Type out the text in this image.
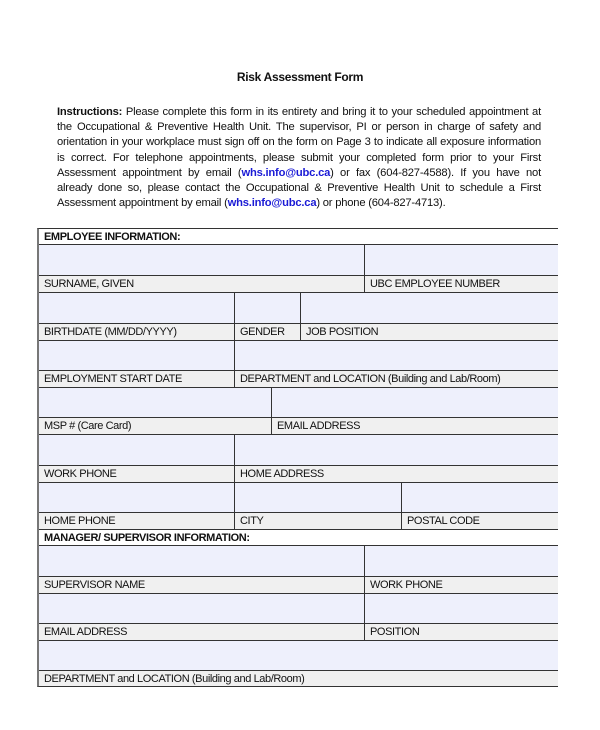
Risk Assessment Form
Instructions: Please complete this form in its entirety and bring it to your scheduled appointment at the Occupational & Preventive Health Unit. The supervisor, PI or person in charge of safety and orientation in your workplace must sign off on the form on Page 3 to indicate all exposure information is correct. For telephone appointments, please submit your completed form prior to your First Assessment appointment by email (whs.info@ubc.ca) or fax (604-827-4588). If you have not already done so, please contact the Occupational & Preventive Health Unit to schedule a First Assessment appointment by email (whs.info@ubc.ca) or phone (604-827-4713).
EMPLOYEE INFORMATION:
SURNAME, GIVEN	UBC EMPLOYEE NUMBER
BIRTHDATE (MM/DD/YYYY)	GENDER	JOB POSITION
EMPLOYMENT START DATE	DEPARTMENT and LOCATION (Building and Lab/Room)
MSP # (Care Card)	EMAIL ADDRESS
WORK PHONE	HOME ADDRESS
HOME PHONE	CITY	POSTAL CODE
MANAGER/ SUPERVISOR INFORMATION:
SUPERVISOR NAME	WORK PHONE
EMAIL ADDRESS	POSITION
DEPARTMENT and LOCATION (Building and Lab/Room)
